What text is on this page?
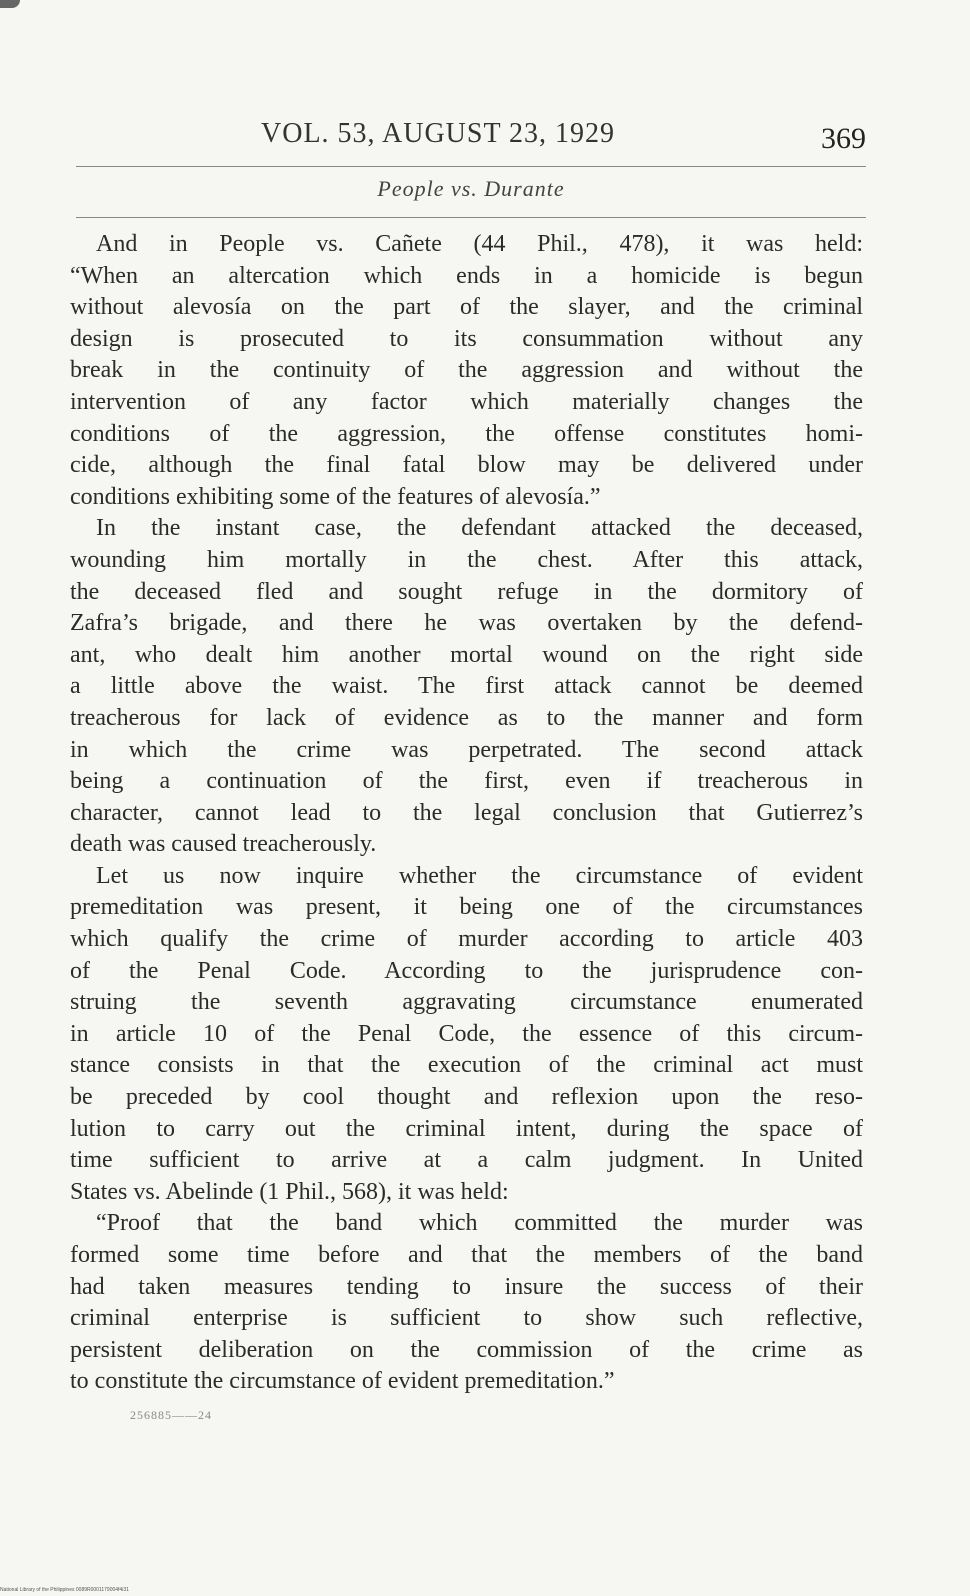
VOL. 53, AUGUST 23, 1929	369
People vs. Durante
And in People vs. Cañete (44 Phil., 478), it was held:
“When an altercation which ends in a homicide is begun
without alevosía on the part of the slayer, and the criminal
design is prosecuted to its consummation without any
break in the continuity of the aggression and without the
intervention of any factor which materially changes the
conditions of the aggression, the offense constitutes homi-
cide, although the final fatal blow may be delivered under
conditions exhibiting some of the features of alevosía.”
In the instant case, the defendant attacked the deceased,
wounding him mortally in the chest. After this attack,
the deceased fled and sought refuge in the dormitory of
Zafra’s brigade, and there he was overtaken by the defend-
ant, who dealt him another mortal wound on the right side
a little above the waist. The first attack cannot be deemed
treacherous for lack of evidence as to the manner and form
in which the crime was perpetrated. The second attack
being a continuation of the first, even if treacherous in
character, cannot lead to the legal conclusion that Gutierrez’s
death was caused treacherously.
Let us now inquire whether the circumstance of evident
premeditation was present, it being one of the circumstances
which qualify the crime of murder according to article 403
of the Penal Code. According to the jurisprudence con-
struing the seventh aggravating circumstance enumerated
in article 10 of the Penal Code, the essence of this circum-
stance consists in that the execution of the criminal act must
be preceded by cool thought and reflexion upon the reso-
lution to carry out the criminal intent, during the space of
time sufficient to arrive at a calm judgment. In United
States vs. Abelinde (1 Phil., 568), it was held:
“Proof that the band which committed the murder was
formed some time before and that the members of the band
had taken measures tending to insure the success of their
criminal enterprise is sufficient to show such reflective,
persistent deliberation on the commission of the crime as
to constitute the circumstance of evident premeditation.”
256885——24
National Library of the Philippines 0089R0001179004f4i31
